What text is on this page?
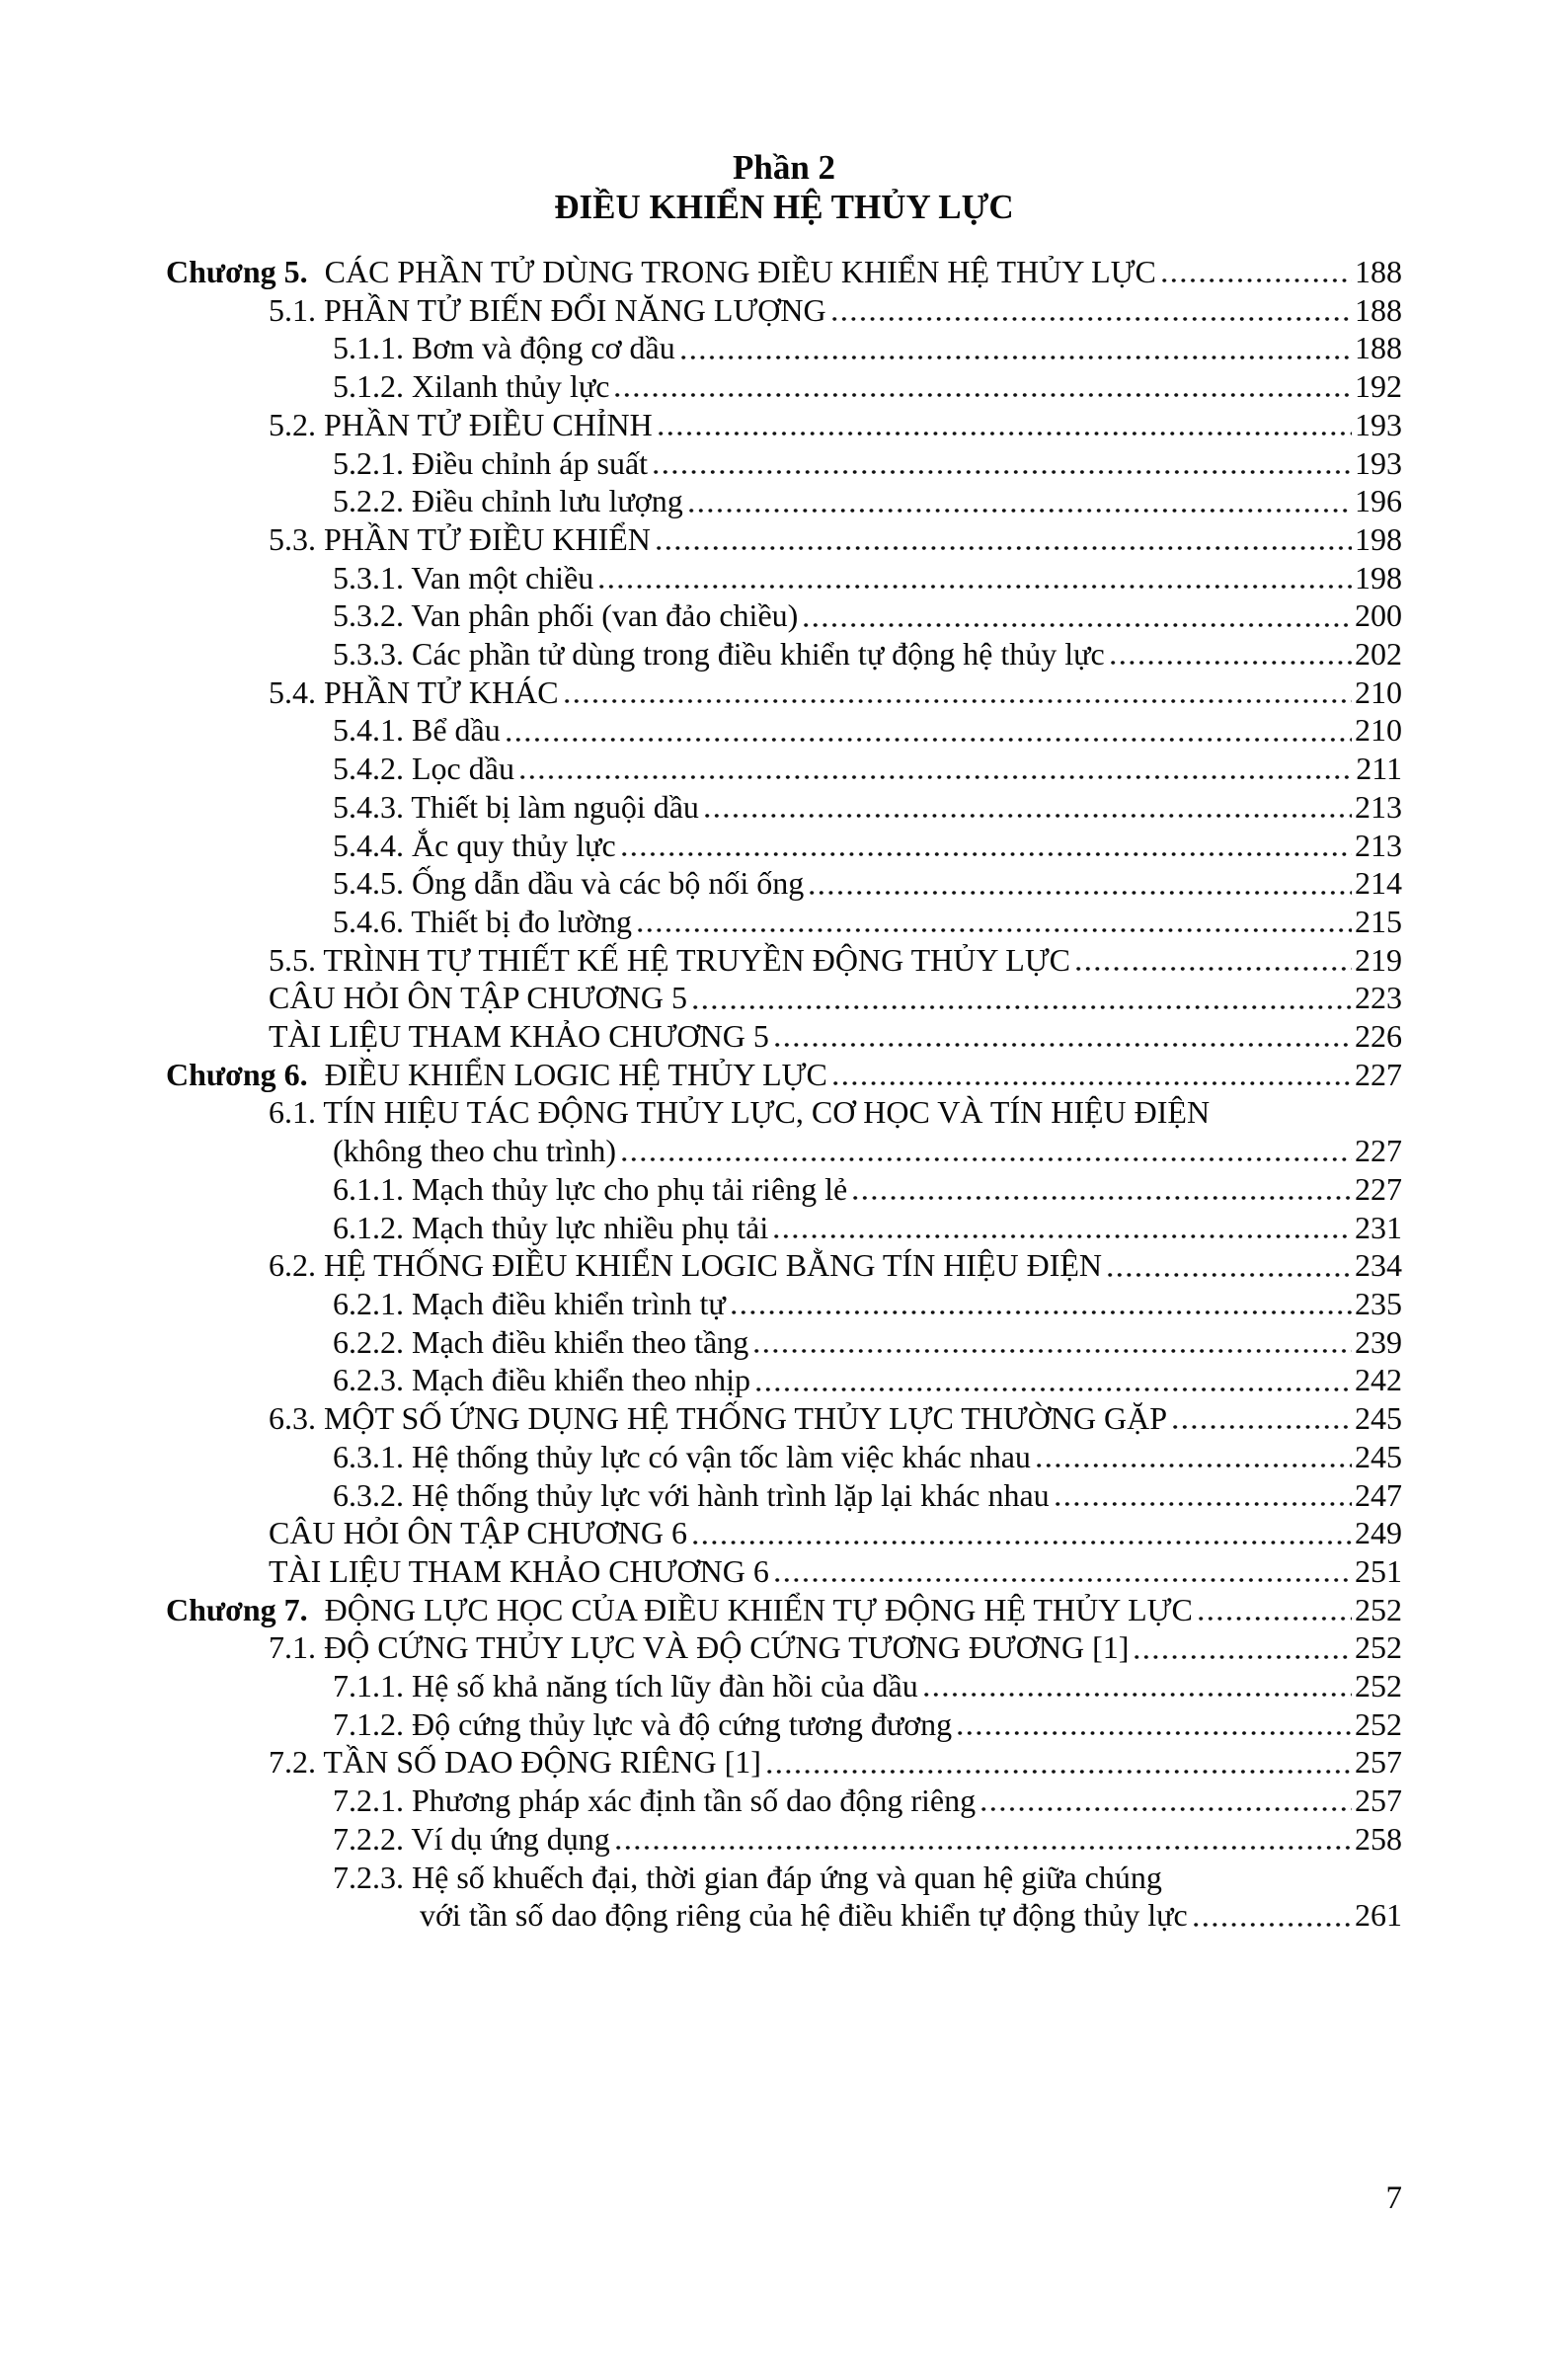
Phần 2
ĐIỀU KHIỂN HỆ THỦY LỰC
Chương 5. CÁC PHẦN TỬ DÙNG TRONG ĐIỀU KHIỂN HỆ THỦY LỰC	188
5.1. PHẦN TỬ BIẾN ĐỔI NĂNG LƯỢNG	188
5.1.1. Bơm và động cơ dầu	188
5.1.2. Xilanh thủy lực	192
5.2. PHẦN TỬ ĐIỀU CHỈNH	193
5.2.1. Điều chỉnh áp suất	193
5.2.2. Điều chỉnh lưu lượng	196
5.3. PHẦN TỬ ĐIỀU KHIỂN	198
5.3.1. Van một chiều	198
5.3.2. Van phân phối (van đảo chiều)	200
5.3.3. Các phần tử dùng trong điều khiển tự động hệ thủy lực	202
5.4. PHẦN TỬ KHÁC	210
5.4.1. Bể dầu	210
5.4.2. Lọc dầu	211
5.4.3. Thiết bị làm nguội dầu	213
5.4.4. Ắc quy thủy lực	213
5.4.5. Ống dẫn dầu và các bộ nối ống	214
5.4.6. Thiết bị đo lường	215
5.5. TRÌNH TỰ THIẾT KẾ HỆ TRUYỀN ĐỘNG THỦY LỰC	219
CÂU HỎI ÔN TẬP CHƯƠNG 5	223
TÀI LIỆU THAM KHẢO CHƯƠNG 5	226
Chương 6. ĐIỀU KHIỂN LOGIC HỆ THỦY LỰC	227
6.1. TÍN HIỆU TÁC ĐỘNG THỦY LỰC, CƠ HỌC VÀ TÍN HIỆU ĐIỆN
(không theo chu trình)	227
6.1.1. Mạch thủy lực cho phụ tải riêng lẻ	227
6.1.2. Mạch thủy lực nhiều phụ tải	231
6.2. HỆ THỐNG ĐIỀU KHIỂN LOGIC BẰNG TÍN HIỆU ĐIỆN	234
6.2.1. Mạch điều khiển trình tự	235
6.2.2. Mạch điều khiển theo tầng	239
6.2.3. Mạch điều khiển theo nhịp	242
6.3. MỘT SỐ ỨNG DỤNG HỆ THỐNG THỦY LỰC THƯỜNG GẶP	245
6.3.1. Hệ thống thủy lực có vận tốc làm việc khác nhau	245
6.3.2. Hệ thống thủy lực với hành trình lặp lại khác nhau	247
CÂU HỎI ÔN TẬP CHƯƠNG 6	249
TÀI LIỆU THAM KHẢO CHƯƠNG 6	251
Chương 7. ĐỘNG LỰC HỌC CỦA ĐIỀU KHIỂN TỰ ĐỘNG HỆ THỦY LỰC	252
7.1. ĐỘ CỨNG THỦY LỰC VÀ ĐỘ CỨNG TƯƠNG ĐƯƠNG [1]	252
7.1.1. Hệ số khả năng tích lũy đàn hồi của dầu	252
7.1.2. Độ cứng thủy lực và độ cứng tương đương	252
7.2. TẦN SỐ DAO ĐỘNG RIÊNG [1]	257
7.2.1. Phương pháp xác định tần số dao động riêng	257
7.2.2. Ví dụ ứng dụng	258
7.2.3. Hệ số khuếch đại, thời gian đáp ứng và quan hệ giữa chúng
với tần số dao động riêng của hệ điều khiển tự động thủy lực	261
7
